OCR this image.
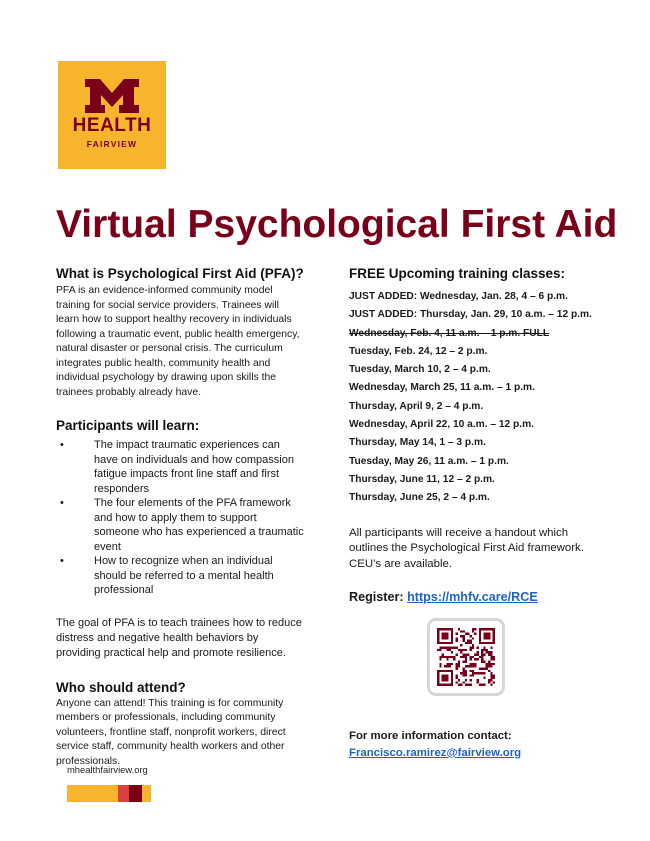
HEALTH
FAIRVIEW
Virtual Psychological First Aid
What is Psychological First Aid (PFA)?

PFA is an evidence-informed community model training for social service providers. Trainees will learn how to support healthy recovery in individuals following a traumatic event, public health emergency, natural disaster or personal crisis. The curriculum integrates public health, community health and individual psychology by drawing upon skills the trainees probably already have.

Participants will learn:
• The impact traumatic experiences can have on individuals and how compassion fatigue impacts front line staff and first responders
• The four elements of the PFA framework and how to apply them to support someone who has experienced a traumatic event
• How to recognize when an individual should be referred to a mental health professional

The goal of PFA is to teach trainees how to reduce distress and negative health behaviors by providing practical help and promote resilience.

Who should attend?

Anyone can attend! This training is for community members or professionals, including community volunteers, frontline staff, nonprofit workers, direct service staff, community health workers and other professionals.

FREE Upcoming training classes:
JUST ADDED: Wednesday, Jan. 28, 4 – 6 p.m.
JUST ADDED: Thursday, Jan. 29, 10 a.m. – 12 p.m.
Wednesday, Feb. 4, 11 a.m. – 1 p.m. FULL
Tuesday, Feb. 24, 12 – 2 p.m.
Tuesday, March 10, 2 – 4 p.m.
Wednesday, March 25, 11 a.m. – 1 p.m.
Thursday, April 9, 2 – 4 p.m.
Wednesday, April 22, 10 a.m. – 12 p.m.
Thursday, May 14, 1 – 3 p.m.
Tuesday, May 26, 11 a.m. – 1 p.m.
Thursday, June 11, 12 – 2 p.m.
Thursday, June 25, 2 – 4 p.m.

All participants will receive a handout which outlines the Psychological First Aid framework. CEU’s are available.

Register: https://mhfv.care/RCE
For more information contact:
Francisco.ramirez@fairview.org
mhealthfairview.org
